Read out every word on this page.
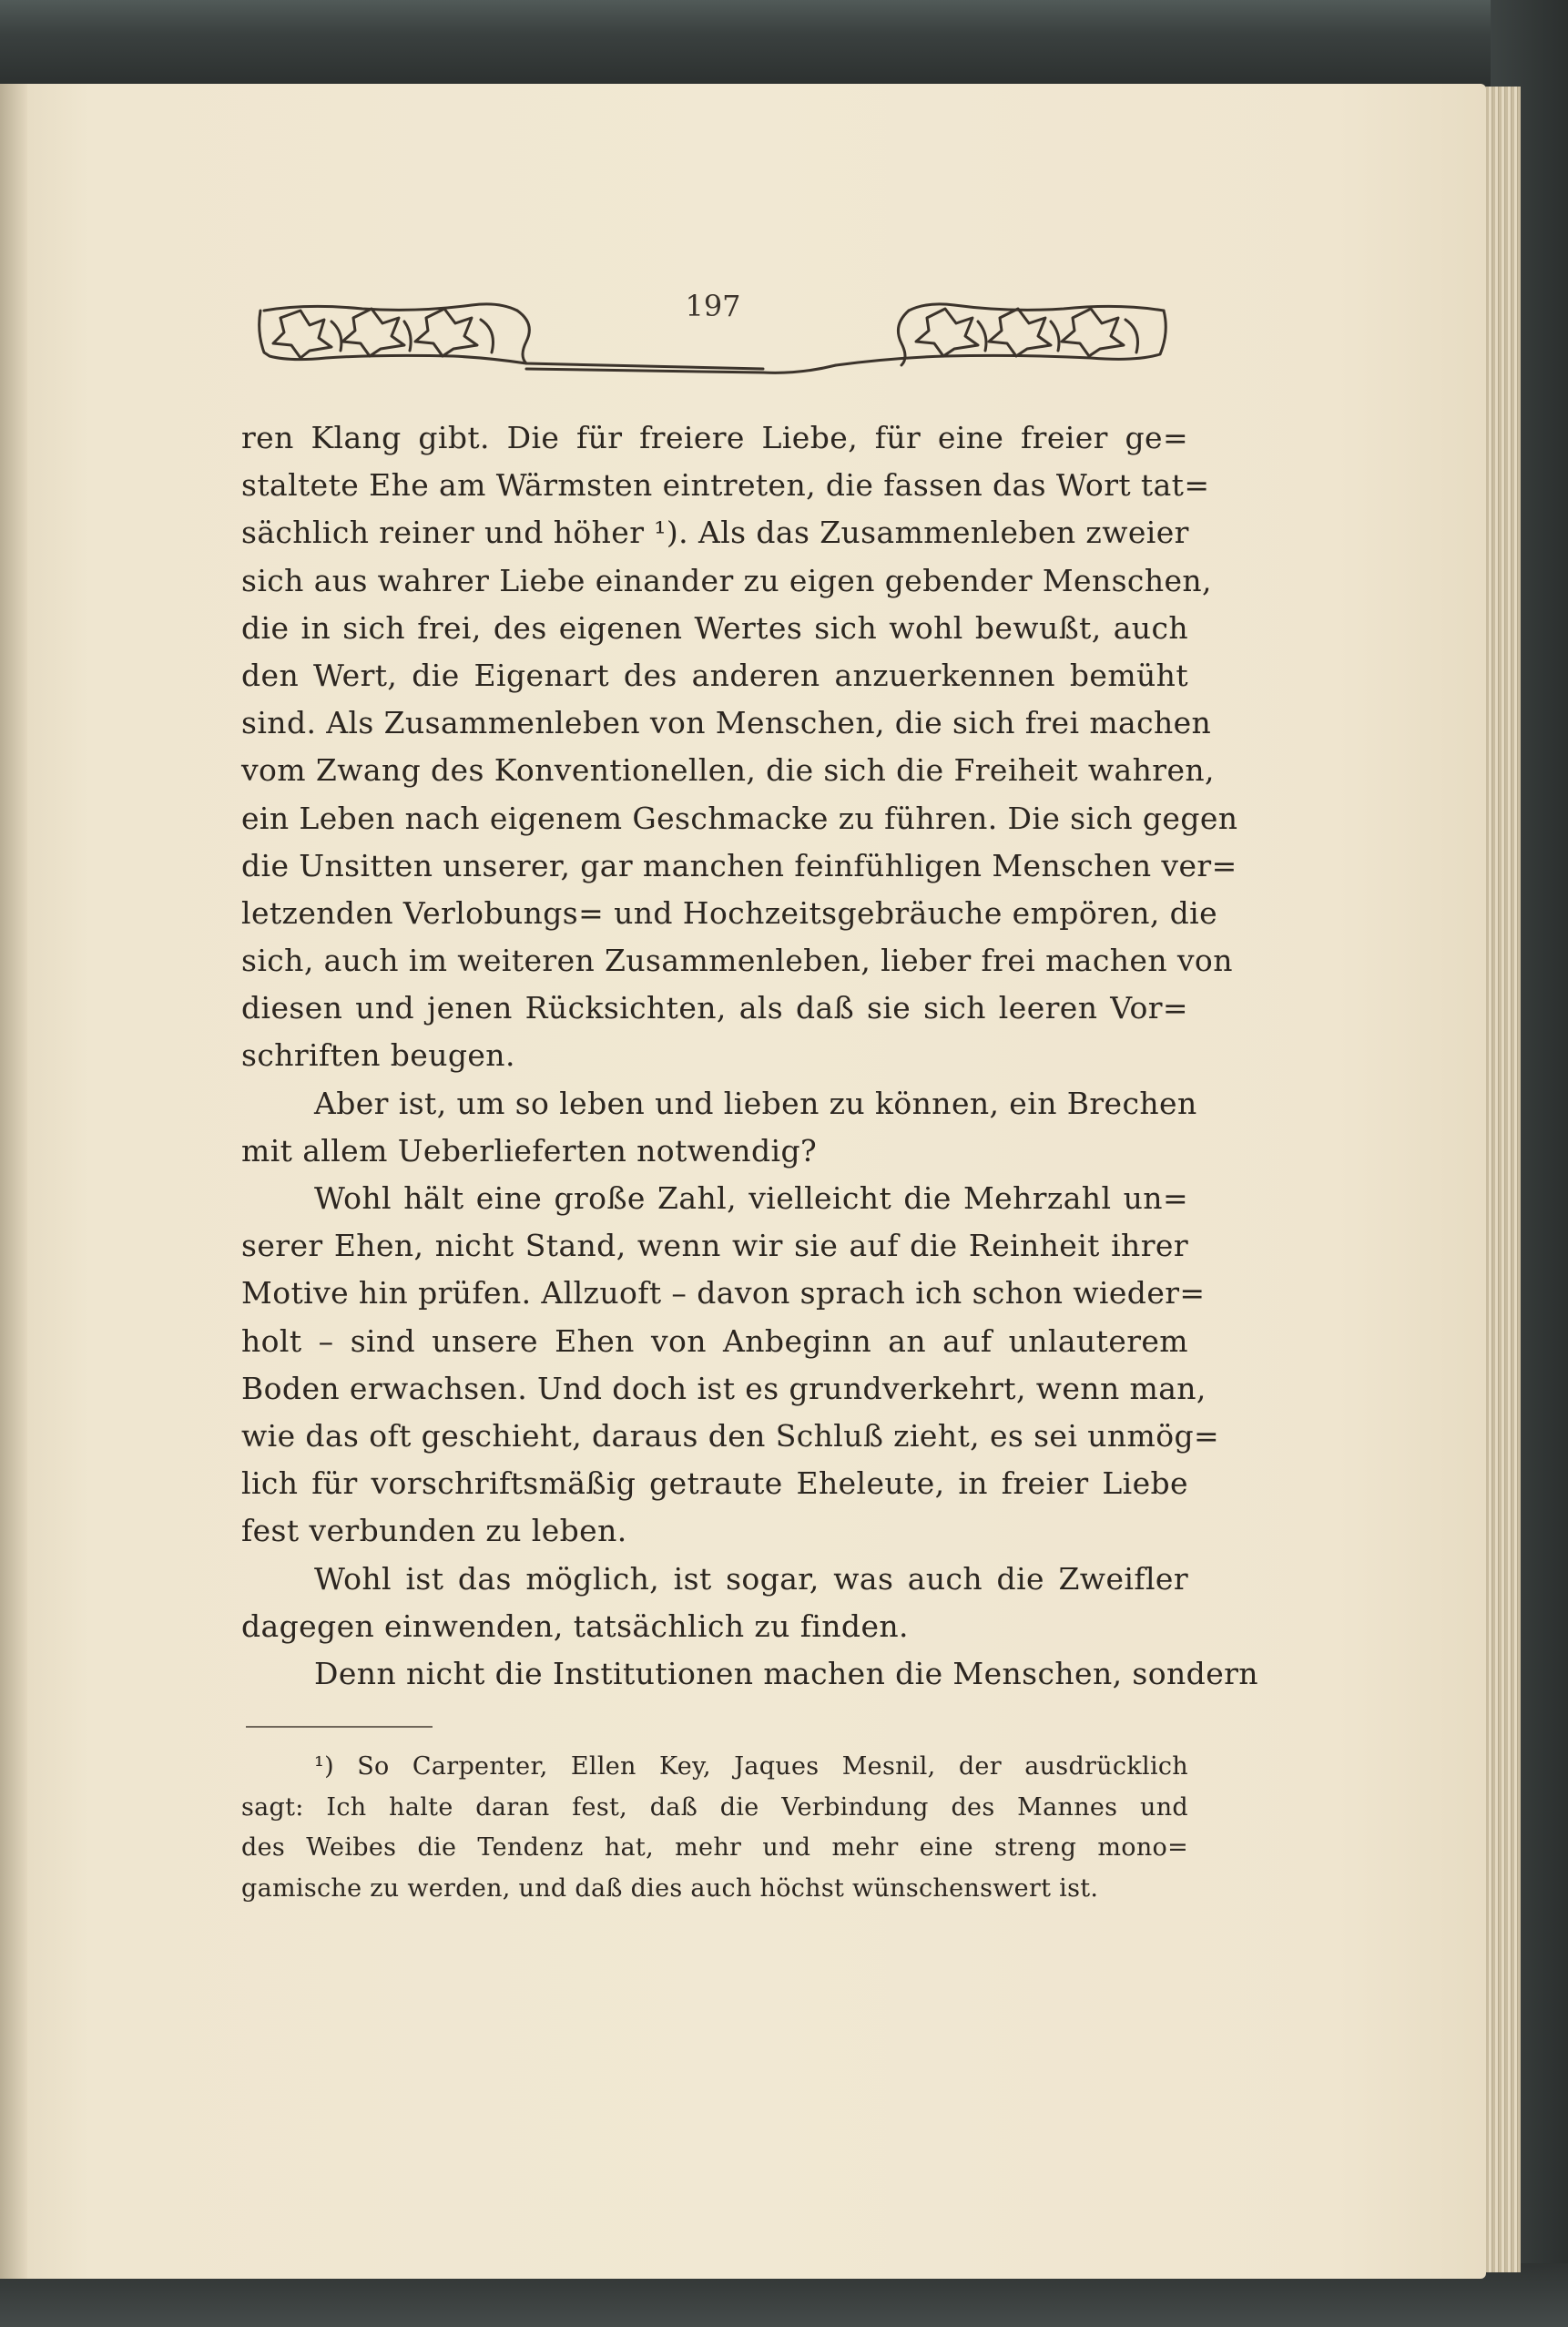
197
ren Klang gibt. Die für freiere Liebe, für eine freier ge=
staltete Ehe am Wärmsten eintreten, die fassen das Wort tat=
sächlich reiner und höher ¹). Als das Zusammenleben zweier
sich aus wahrer Liebe einander zu eigen gebender Menschen,
die in sich frei, des eigenen Wertes sich wohl bewußt, auch
den Wert, die Eigenart des anderen anzuerkennen bemüht
sind. Als Zusammenleben von Menschen, die sich frei machen
vom Zwang des Konventionellen, die sich die Freiheit wahren,
ein Leben nach eigenem Geschmacke zu führen. Die sich gegen
die Unsitten unserer, gar manchen feinfühligen Menschen ver=
letzenden Verlobungs= und Hochzeitsgebräuche empören, die
sich, auch im weiteren Zusammenleben, lieber frei machen von
diesen und jenen Rücksichten, als daß sie sich leeren Vor=
schriften beugen.
Aber ist, um so leben und lieben zu können, ein Brechen
mit allem Ueberlieferten notwendig?
Wohl hält eine große Zahl, vielleicht die Mehrzahl un=
serer Ehen, nicht Stand, wenn wir sie auf die Reinheit ihrer
Motive hin prüfen. Allzuoft – davon sprach ich schon wieder=
holt – sind unsere Ehen von Anbeginn an auf unlauterem
Boden erwachsen. Und doch ist es grundverkehrt, wenn man,
wie das oft geschieht, daraus den Schluß zieht, es sei unmög=
lich für vorschriftsmäßig getraute Eheleute, in freier Liebe
fest verbunden zu leben.
Wohl ist das möglich, ist sogar, was auch die Zweifler
dagegen einwenden, tatsächlich zu finden.
Denn nicht die Institutionen machen die Menschen, sondern
¹) So Carpenter, Ellen Key, Jaques Mesnil, der ausdrücklich
sagt: Ich halte daran fest, daß die Verbindung des Mannes und
des Weibes die Tendenz hat, mehr und mehr eine streng mono=
gamische zu werden, und daß dies auch höchst wünschenswert ist.
